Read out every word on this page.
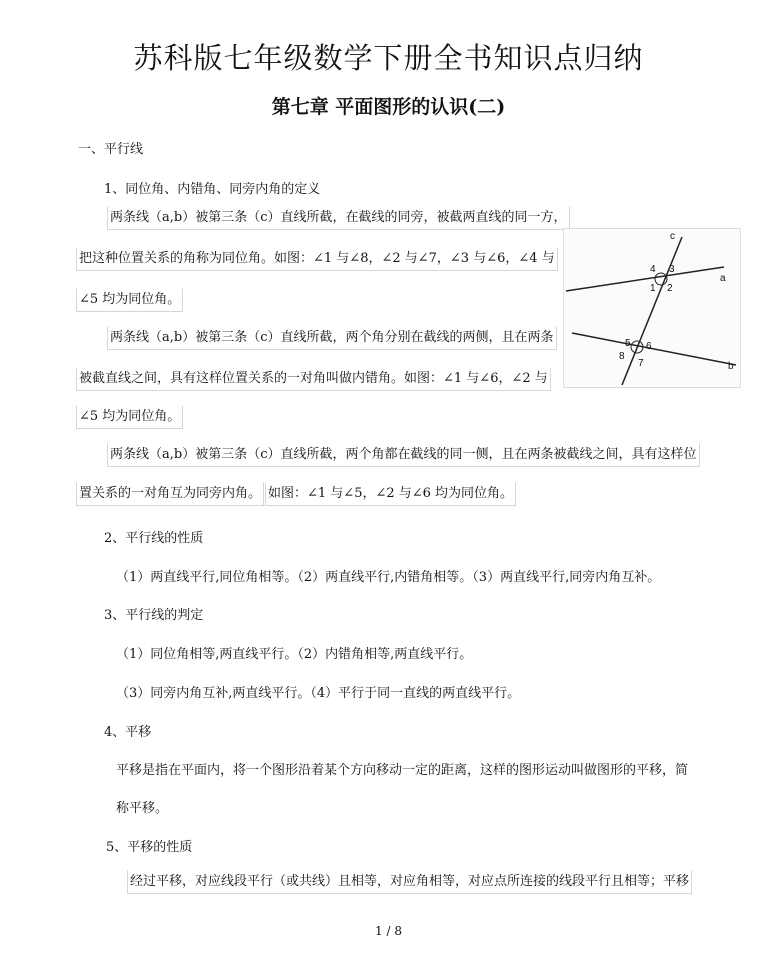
苏科版七年级数学下册全书知识点归纳
第七章 平面图形的认识(二)
一、平行线
1、同位角、内错角、同旁内角的定义
两条线（a,b）被第三条（c）直线所截，在截线的同旁，被截两直线的同一方，
把这种位置关系的角称为同位角。如图：∠1 与∠8，∠2 与∠7，∠3 与∠6，∠4 与
∠5 均为同位角。
两条线（a,b）被第三条（c）直线所截，两个角分别在截线的两侧，且在两条
被截直线之间，具有这样位置关系的一对角叫做内错角。如图：∠1 与∠6，∠2 与
∠5 均为同位角。
两条线（a,b）被第三条（c）直线所截，两个角都在截线的同一侧，且在两条被截线之间，具有这样位
置关系的一对角互为同旁内角。 如图：∠1 与∠5，∠2 与∠6 均为同位角。
2、平行线的性质
（1）两直线平行,同位角相等。（2）两直线平行,内错角相等。（3）两直线平行,同旁内角互补。
3、平行线的判定
（1）同位角相等,两直线平行。（2）内错角相等,两直线平行。
（3）同旁内角互补,两直线平行。（4）平行于同一直线的两直线平行。
4、平移
平移是指在平面内，将一个图形沿着某个方向移动一定的距离，这样的图形运动叫做图形的平移，简
称平移。
5、平移的性质
经过平移，对应线段平行（或共线）且相等，对应角相等，对应点所连接的线段平行且相等；平移
c
a
b
1 2
3
4
5 6
7
8
1 / 8
